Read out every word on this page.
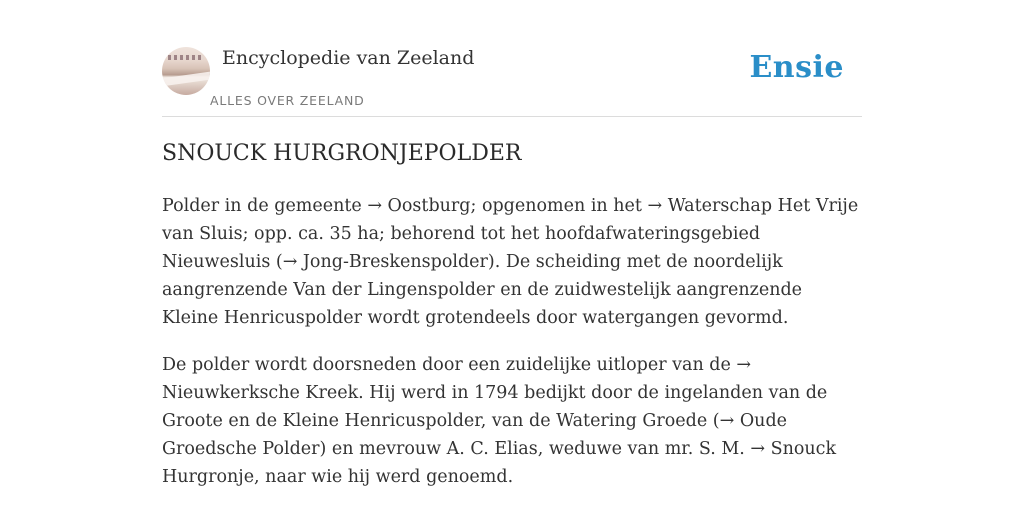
Encyclopedie van Zeeland
ALLES OVER ZEELAND
Ensie
SNOUCK HURGRONJEPOLDER

Polder in de gemeente → Oostburg; opgenomen in het → Waterschap Het Vrije van Sluis; opp. ca. 35 ha; behorend tot het hoofdafwateringsgebied Nieuwesluis (→ Jong-Breskenspolder). De scheiding met de noordelijk aangrenzende Van der Lingenspolder en de zuidwestelijk aangrenzende Kleine Henricuspolder wordt grotendeels door watergangen gevormd.

De polder wordt doorsneden door een zuidelijke uitloper van de → Nieuwkerksche Kreek. Hij werd in 1794 bedijkt door de ingelanden van de Groote en de Kleine Henricuspolder, van de Watering Groede (→ Oude Groedsche Polder) en mevrouw A. C. Elias, weduwe van mr. S. M. → Snouck Hurgronje, naar wie hij werd genoemd.
